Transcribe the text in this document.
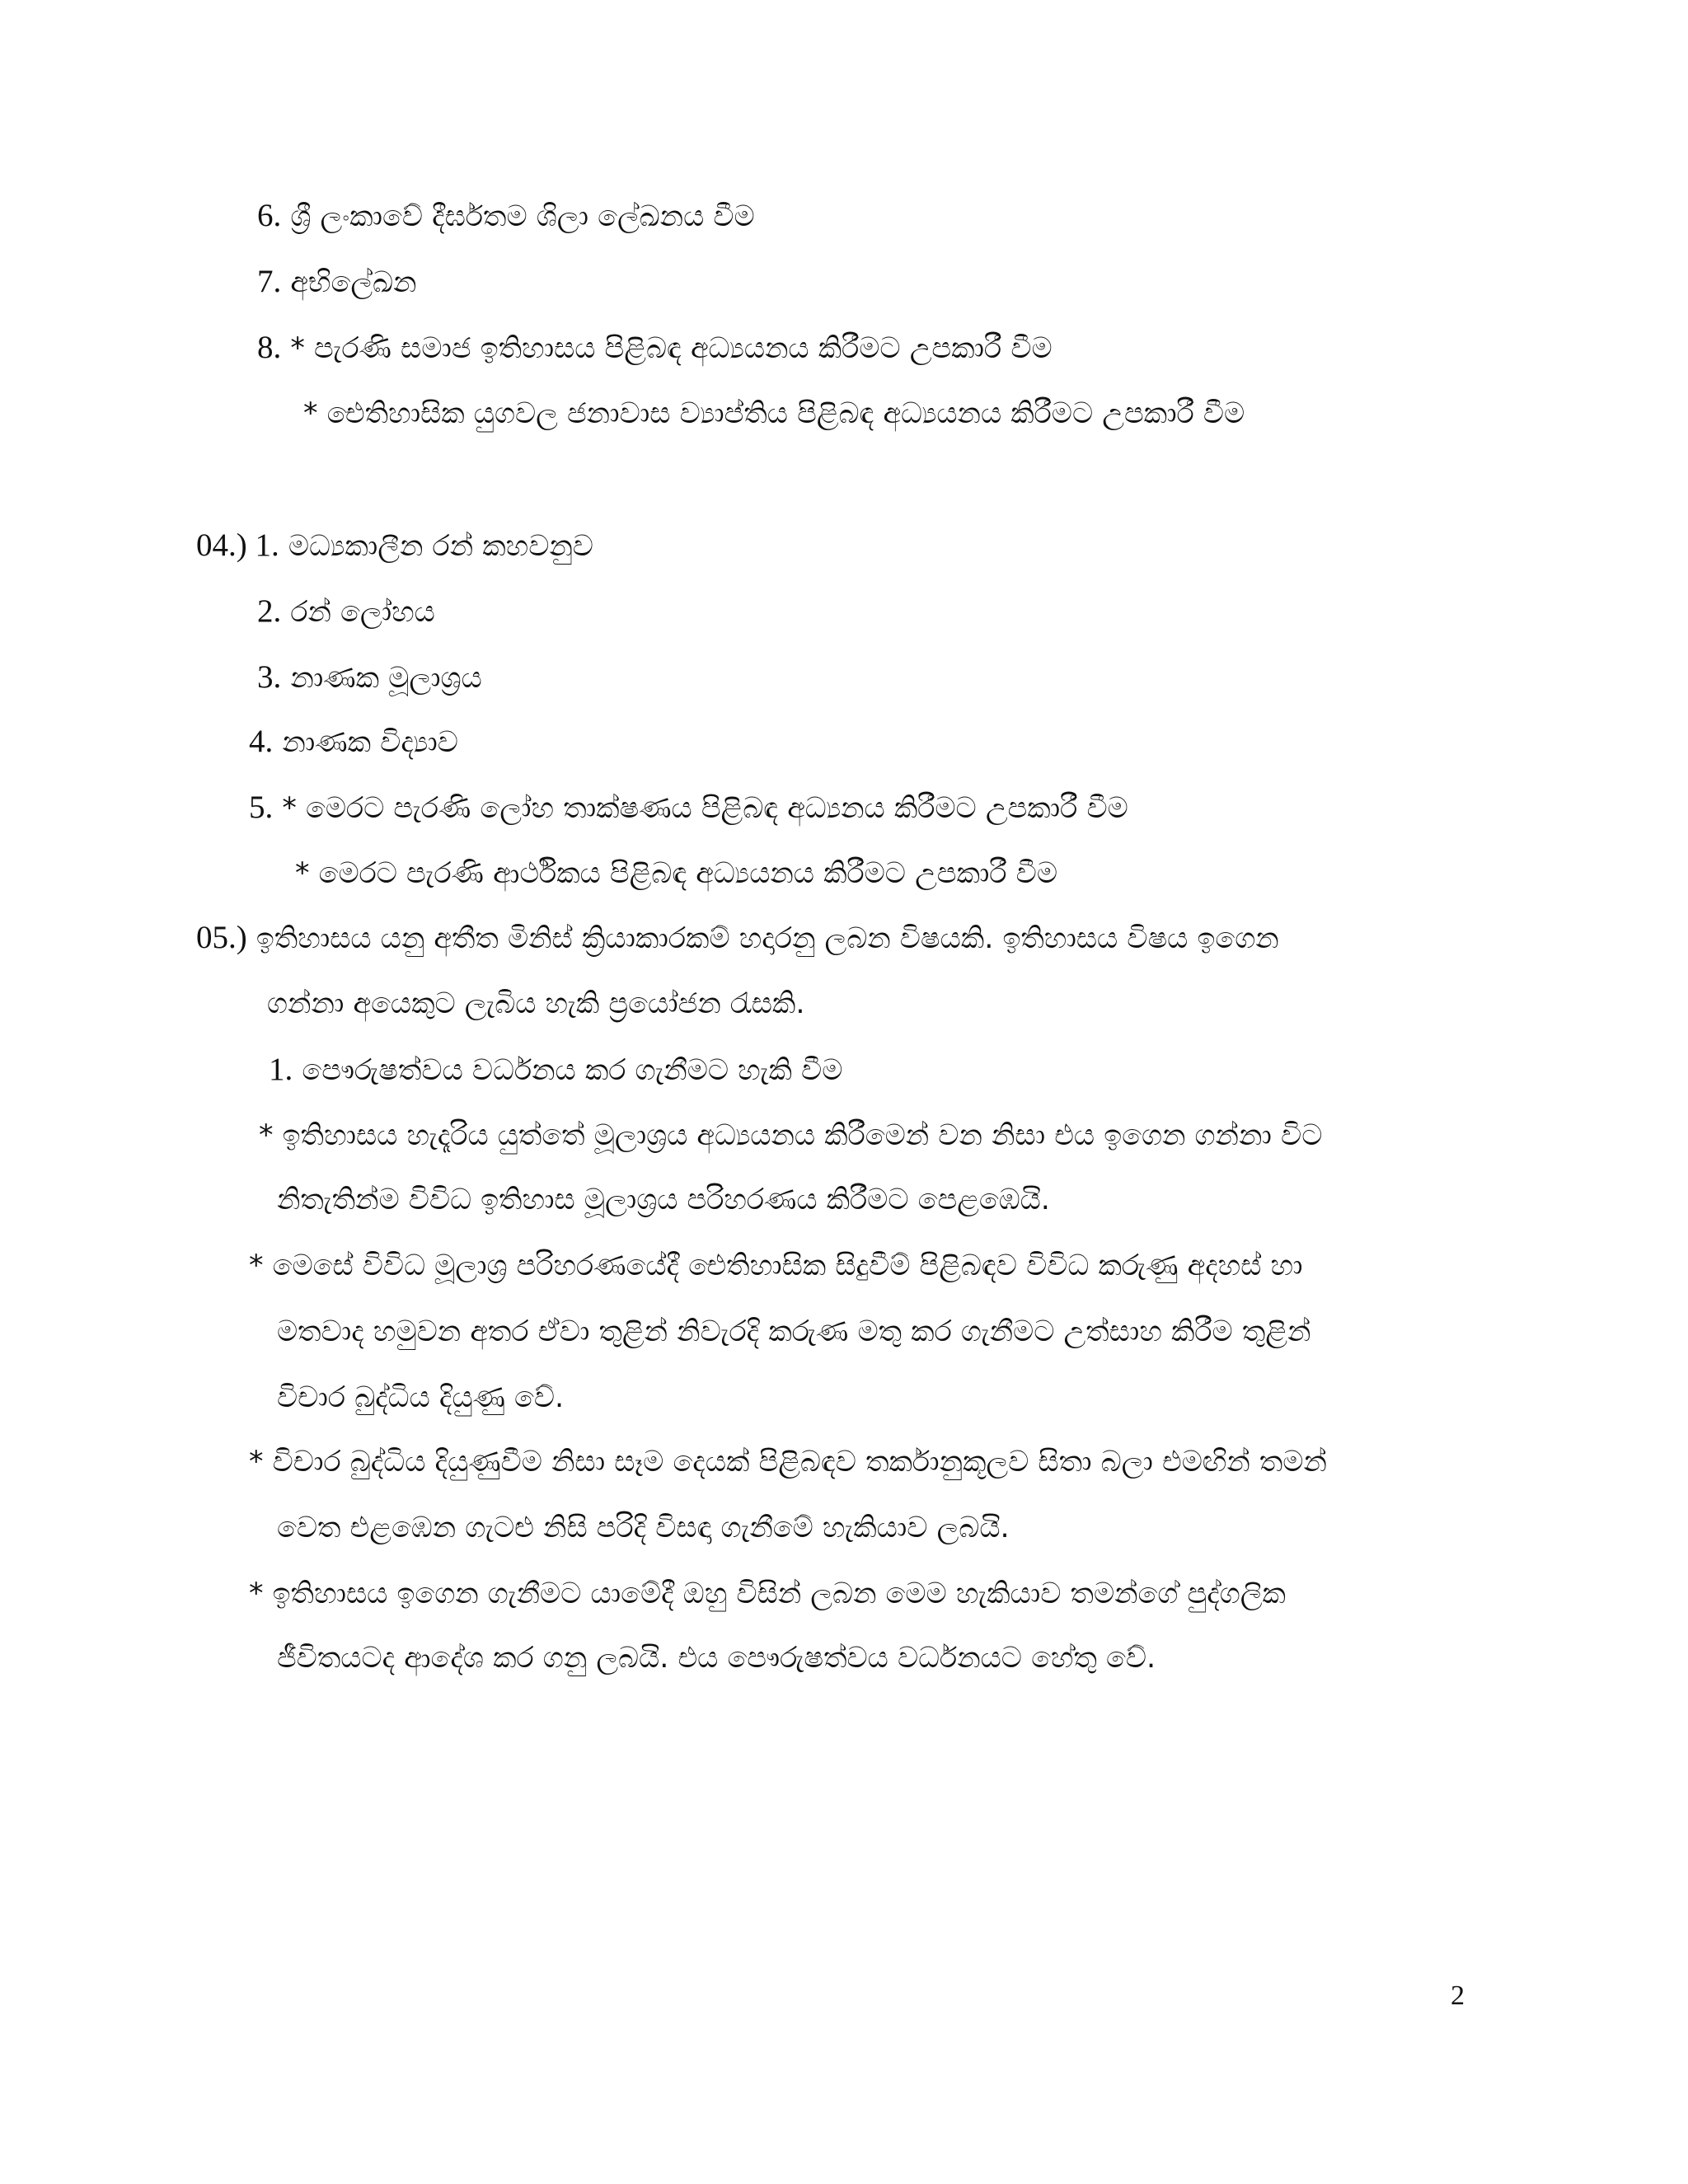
6. ශ්‍රී ලංකාවේ දීර්ඝතම ශිලා ලේඛනය වීම
7. අභිලේඛන
8. * පැරණි සමාජ ඉතිහාසය පිළිබඳ අධ්‍යයනය කිරීමට උපකාරී වීම
* ඓතිහාසික යුගවල ජනාවාස ව්‍යාප්තිය පිළිබඳ අධ්‍යයනය කිරීමට උපකාරී වීම
04.) 1. මධ්‍යකාලීන රන් කහවනුව
2. රන් ලෝහය
3. නාණක මූලාශ්‍රය
4. නාණක විද්‍යාව
5. * මෙරට පැරණි ලෝහ තාක්ෂණය පිළිබඳ අධ්‍යනය කිරීමට උපකාරී වීම
* මෙරට පැරණි ආර්ථිකය පිළිබඳ අධ්‍යයනය කිරීමට උපකාරී වීම
05.) ඉතිහාසය යනු අතීත මිනිස් ක්‍රියාකාරකම් හදාරනු ලබන විෂයකි. ඉතිහාසය විෂය ඉගෙන
ගන්නා අයෙකුට ලැබිය හැකි ප්‍රයෝජන රැසකි.
1. පෞරුෂත්වය වර්ධනය කර ගැනීමට හැකි වීම
* ඉතිහාසය හැදෑරිය යුත්තේ මූලාශ්‍රය අධ්‍යයනය කිරීමෙන් වන නිසා එය ඉගෙන ගන්නා විට
නිතැතින්ම විවිධ ඉතිහාස මූලාශ්‍රය පරිහරණය කිරීමට පෙළඹෙයි.
* මෙසේ විවිධ මූලාශ්‍ර පරිහරණයේදී ඓතිහාසික සිදුවීම් පිළිබඳව විවිධ කරුණු අදහස් හා
මතවාද හමුවන අතර ඒවා තුළින් නිවැරදි කරුණ මතු කර ගැනීමට උත්සාහ කිරීම තුළින්
විචාර බුද්ධිය දියුණු වේ.
* විචාර බුද්ධිය දියුණුවීම නිසා සෑම දෙයක් පිළිබඳව තර්කානුකූලව සිතා බලා එමඟින් තමන්
වෙත එළඹෙන ගැටළු නිසි පරිදි විසඳා ගැනීමේ හැකියාව ලබයි.
* ඉතිහාසය ඉගෙන ගැනීමට යාමේදී ඔහු විසින් ලබන මෙම හැකියාව තමන්ගේ පුද්ගලික
ජීවිතයටද ආදේශ කර ගනු ලබයි. එය පෞරුෂත්වය වර්ධනයට හේතු වේ.
2
